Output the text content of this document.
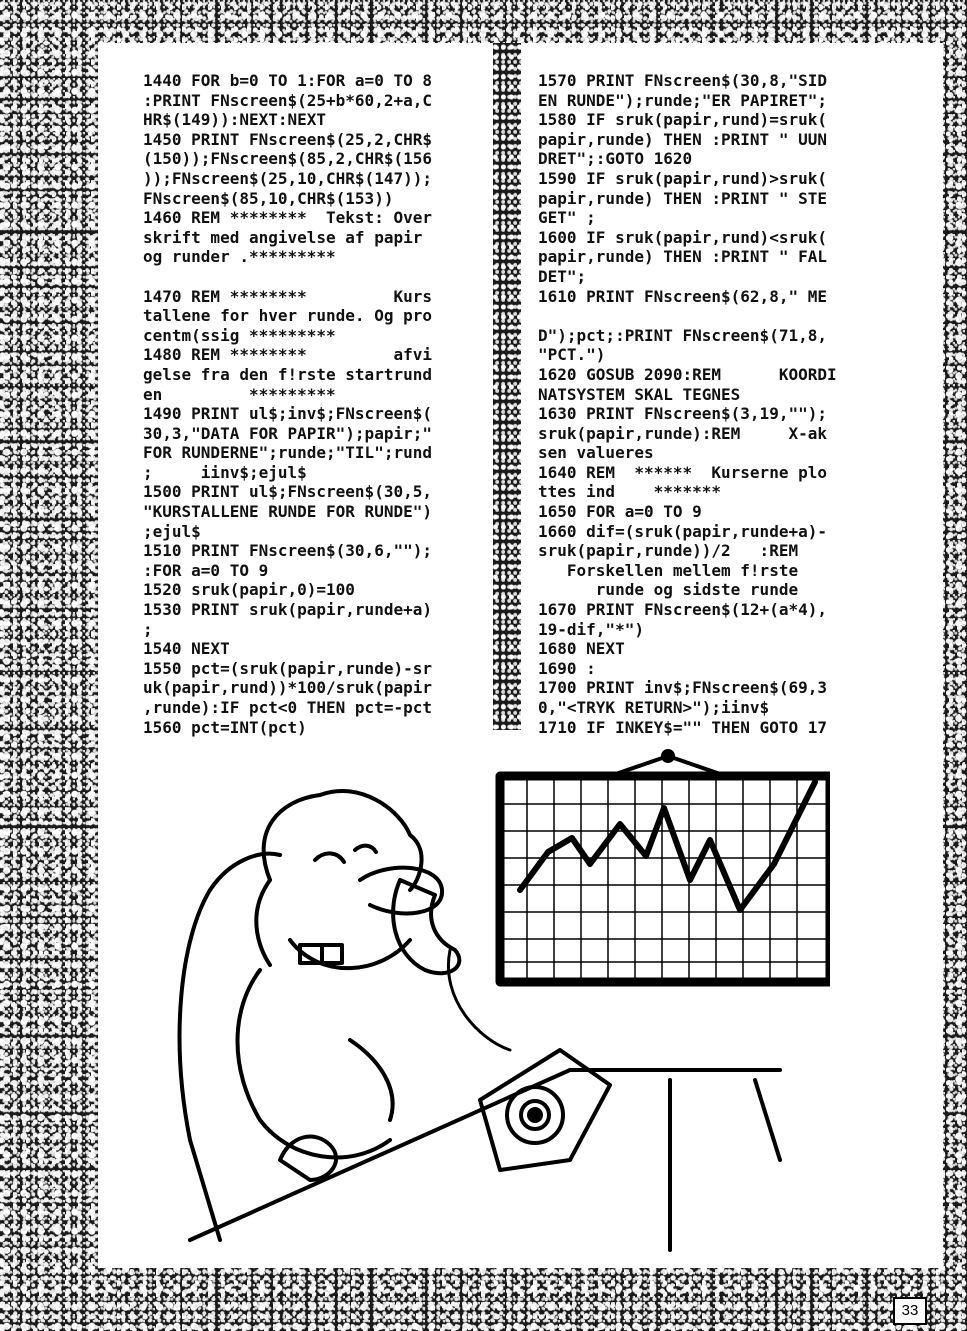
1440 FOR b=0 TO 1:FOR a=0 TO 8
:PRINT FNscreen$(25+b*60,2+a,C
HR$(149)):NEXT:NEXT
1450 PRINT FNscreen$(25,2,CHR$
(150));FNscreen$(85,2,CHR$(156
));FNscreen$(25,10,CHR$(147));
FNscreen$(85,10,CHR$(153))
1460 REM ********  Tekst: Over
skrift med angivelse af papir
og runder .*********
1470 REM ********         Kurs
tallene for hver runde. Og pro
centm(ssig *********
1480 REM ********         afvi
gelse fra den f!rste startrund
en         *********
1490 PRINT ul$;inv$;FNscreen$(
30,3,"DATA FOR PAPIR");papir;"
FOR RUNDERNE";runde;"TIL";rund
;     iinv$;ejul$
1500 PRINT ul$;FNscreen$(30,5,
"KURSTALLENE RUNDE FOR RUNDE")
;ejul$
1510 PRINT FNscreen$(30,6,"");
:FOR a=0 TO 9
1520 sruk(papir,0)=100
1530 PRINT sruk(papir,runde+a)
;
1540 NEXT
1550 pct=(sruk(papir,runde)-sr
uk(papir,rund))*100/sruk(papir
,runde):IF pct<0 THEN pct=-pct
1560 pct=INT(pct)
1570 PRINT FNscreen$(30,8,"SID
EN RUNDE");runde;"ER PAPIRET";
1580 IF sruk(papir,rund)=sruk(
papir,runde) THEN :PRINT " UUN
DRET";:GOTO 1620
1590 IF sruk(papir,rund)>sruk(
papir,runde) THEN :PRINT " STE
GET" ;
1600 IF sruk(papir,rund)<sruk(
papir,runde) THEN :PRINT " FAL
DET";
1610 PRINT FNscreen$(62,8," ME
D");pct;:PRINT FNscreen$(71,8,
"PCT.")
1620 GOSUB 2090:REM      KOORDI
NATSYSTEM SKAL TEGNES
1630 PRINT FNscreen$(3,19,"");
sruk(papir,runde):REM     X-ak
sen valueres
1640 REM  ******  Kurserne plo
ttes ind    *******
1650 FOR a=0 TO 9
1660 dif=(sruk(papir,runde+a)-
sruk(papir,runde))/2   :REM
Forskellen mellem f!rste
runde og sidste runde
1670 PRINT FNscreen$(12+(a*4),
19-dif,"*")
1680 NEXT
1690 :
1700 PRINT inv$;FNscreen$(69,3
0,"<TRYK RETURN>");iinv$
1710 IF INKEY$="" THEN GOTO 17
33
